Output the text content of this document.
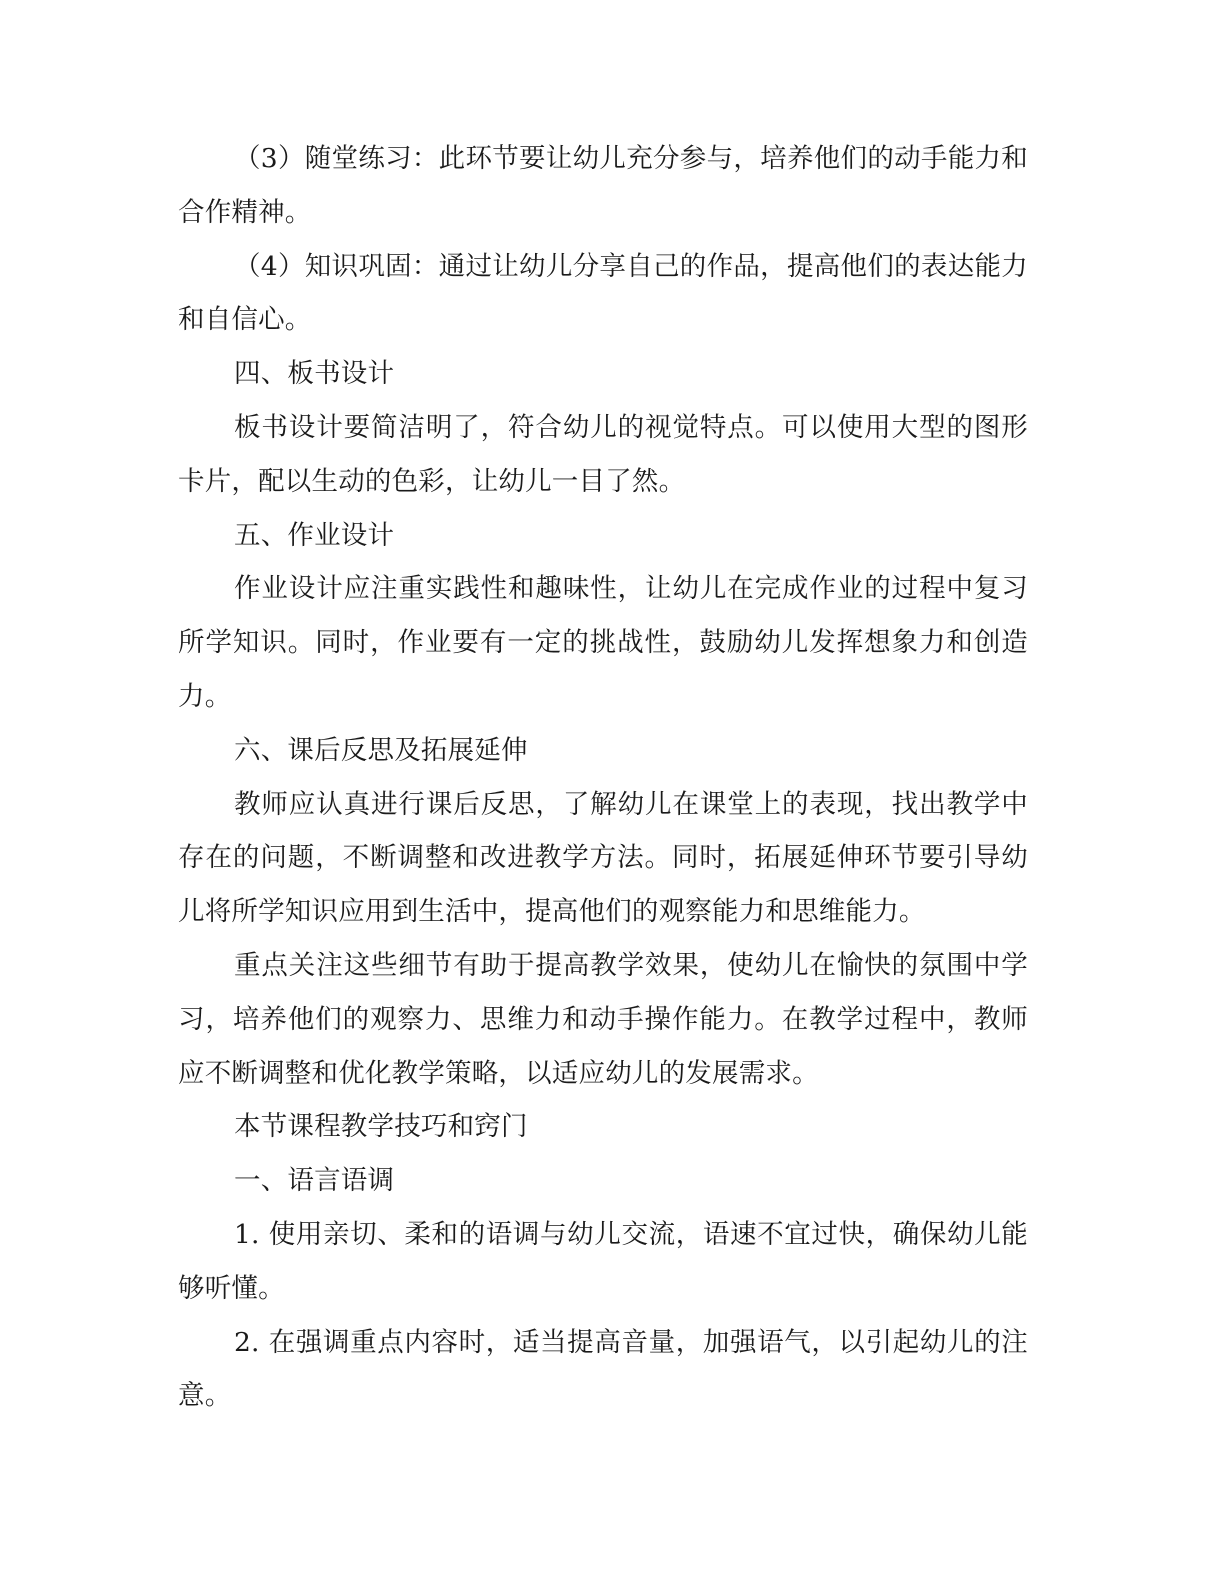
（3）随堂练习：此环节要让幼儿充分参与，培养他们的动手能力和合作精神。

（4）知识巩固：通过让幼儿分享自己的作品，提高他们的表达能力和自信心。

四、板书设计

板书设计要简洁明了，符合幼儿的视觉特点。可以使用大型的图形卡片，配以生动的色彩，让幼儿一目了然。

五、作业设计

作业设计应注重实践性和趣味性，让幼儿在完成作业的过程中复习所学知识。同时，作业要有一定的挑战性，鼓励幼儿发挥想象力和创造力。

六、课后反思及拓展延伸

教师应认真进行课后反思，了解幼儿在课堂上的表现，找出教学中存在的问题，不断调整和改进教学方法。同时，拓展延伸环节要引导幼儿将所学知识应用到生活中，提高他们的观察能力和思维能力。

重点关注这些细节有助于提高教学效果，使幼儿在愉快的氛围中学习，培养他们的观察力、思维力和动手操作能力。在教学过程中，教师应不断调整和优化教学策略，以适应幼儿的发展需求。

本节课程教学技巧和窍门

一、语言语调

1. 使用亲切、柔和的语调与幼儿交流，语速不宜过快，确保幼儿能够听懂。

2. 在强调重点内容时，适当提高音量，加强语气，以引起幼儿的注意。
